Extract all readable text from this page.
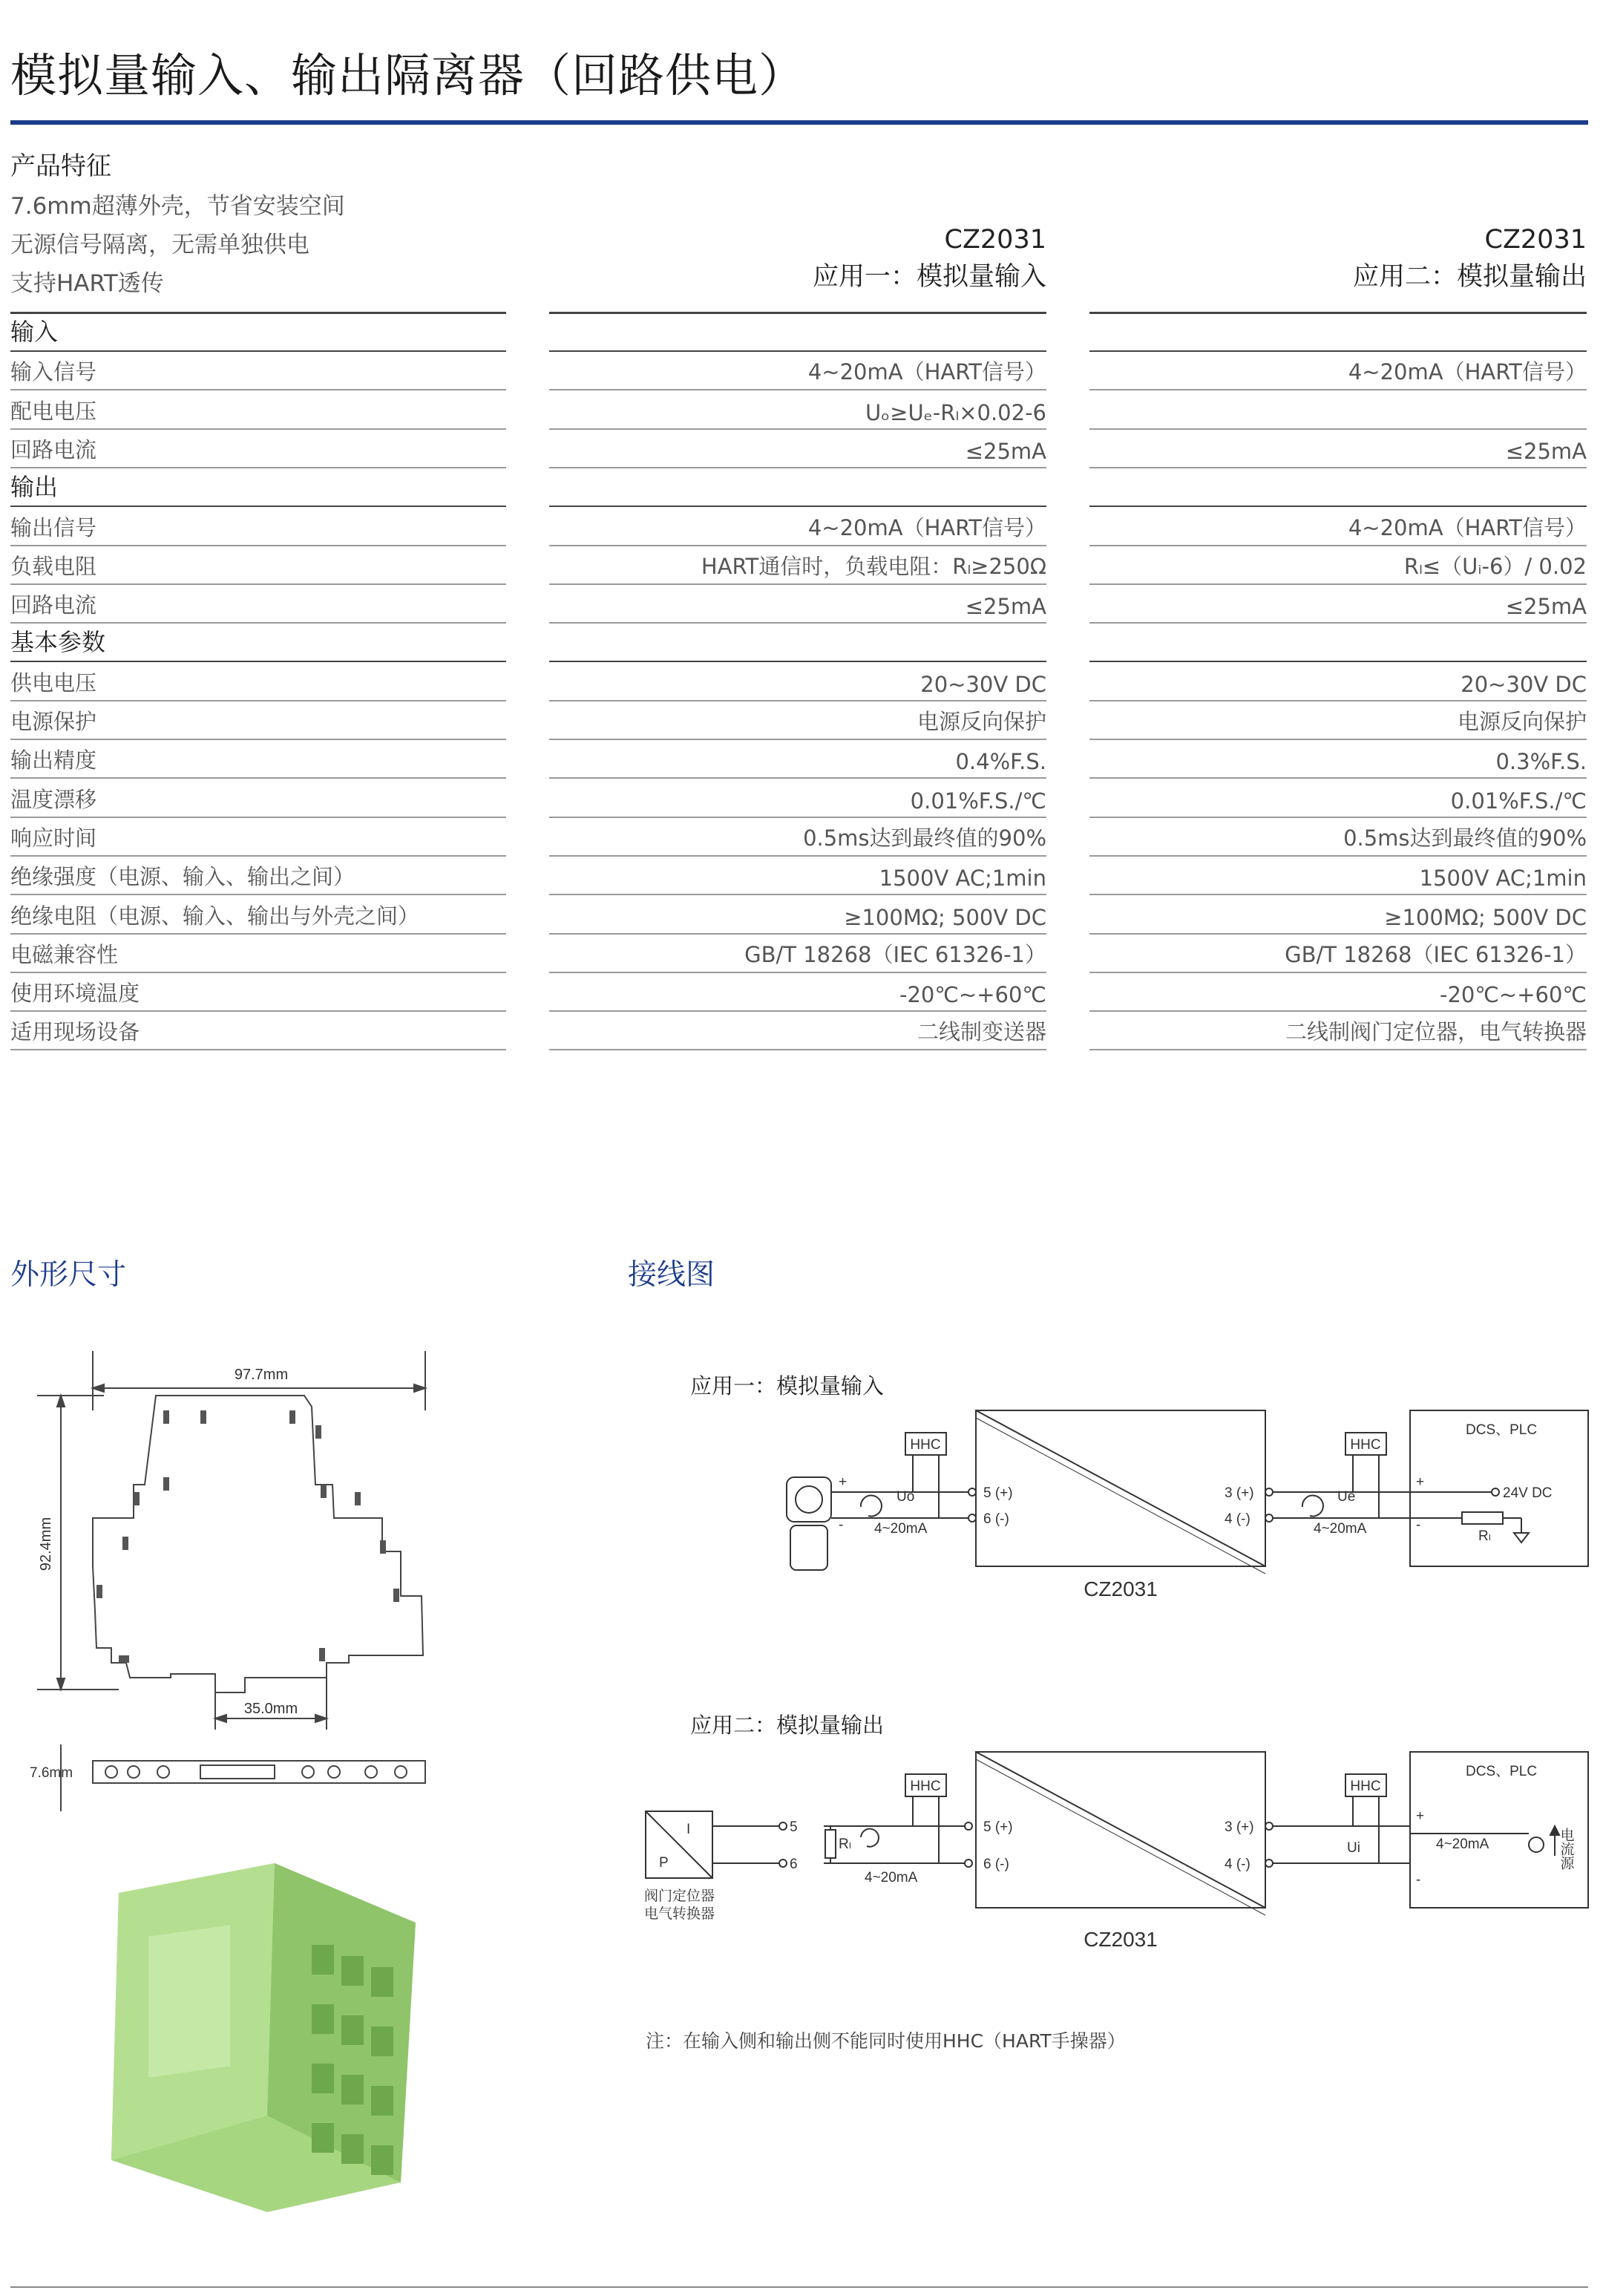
模拟量输入、输出隔离器（回路供电）
产品特征
7.6mm超薄外壳，节省安装空间
无源信号隔离，无需单独供电
支持HART透传
CZ2031
应用一：模拟量输入
CZ2031
应用二：模拟量输出
输入
输入信号	4~20mA（HART信号）	4~20mA（HART信号）
配电电压	Uₒ≥Uₑ-Rₗ×0.02-6
回路电流	≤25mA	≤25mA
输出
输出信号	4~20mA（HART信号）	4~20mA（HART信号）
负载电阻	HART通信时，负载电阻：Rₗ≥250Ω	Rₗ≤（Uᵢ-6）/ 0.02
回路电流	≤25mA	≤25mA
基本参数
供电电压	20~30V DC	20~30V DC
电源保护	电源反向保护	电源反向保护
输出精度	0.4%F.S.	0.3%F.S.
温度漂移	0.01%F.S./℃	0.01%F.S./℃
响应时间	0.5ms达到最终值的90%	0.5ms达到最终值的90%
绝缘强度（电源、输入、输出之间）	1500V AC;1min	1500V AC;1min
绝缘电阻（电源、输入、输出与外壳之间）	≥100MΩ; 500V DC	≥100MΩ; 500V DC
电磁兼容性	GB/T 18268（IEC 61326-1）	GB/T 18268（IEC 61326-1）
使用环境温度	-20℃~+60℃	-20℃~+60℃
适用现场设备	二线制变送器	二线制阀门定位器，电气转换器
外形尺寸	接线图
97.7mm
92.4mm
35.0mm
7.6mm
应用一：模拟量输入
HHC	HHC
Uo	Ue
4~20mA	4~20mA
5 (+)
6 (-)
3 (+)
4 (-)
DCS、PLC
24V DC
Rₗ
+
-
+
-
CZ2031
应用二：模拟量输出
I
P
5
6
阀门定位器
电气转换器
Rₗ
4~20mA
HHC	HHC
5 (+)
6 (-)
3 (+)
4 (-)
Ui
DCS、PLC
4~20mA
+
-
电流源
CZ2031
注：在输入侧和输出侧不能同时使用HHC（HART手操器）
